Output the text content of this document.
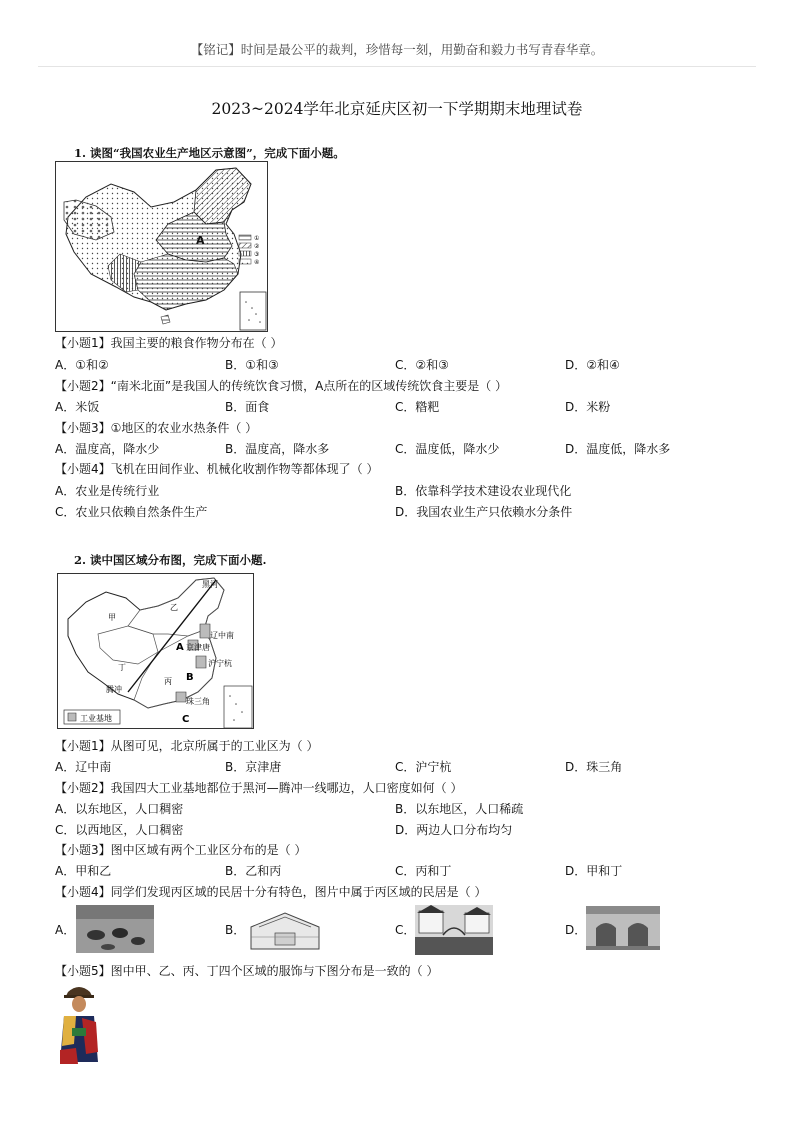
【铭记】时间是最公平的裁判，珍惜每一刻，用勤奋和毅力书写青春华章。
2023~2024学年北京延庆区初一下学期期末地理试卷
1. 读图“我国农业生产地区示意图”，完成下面小题。
A	①
②
③
④
【小题1】我国主要的粮食作物分布在（ ）
A．①和②	B．①和③	C．②和③	D．②和④
【小题2】“南米北面”是我国人的传统饮食习惯，A点所在的区域传统饮食主要是（ ）
A．米饭	B．面食	C．糌粑	D．米粉
【小题3】①地区的农业水热条件（ ）
A．温度高，降水少	B．温度高，降水多	C．温度低，降水少	D．温度低，降水多
【小题4】飞机在田间作业、机械化收割作物等都体现了（ ）
A．农业是传统行业	B．依靠科学技术建设农业现代化
C．农业只依赖自然条件生产	D．我国农业生产只依赖水分条件
2. 读中国区域分布图，完成下面小题.
黑河
辽中南
京津唐
沪宁杭
腾冲
珠三角
甲
丁
丙
乙
A
B
C
工业基地
【小题1】从图可见，北京所属于的工业区为（ ）
A．辽中南	B．京津唐	C．沪宁杭	D．珠三角
【小题2】我国四大工业基地都位于黑河—腾冲一线哪边，人口密度如何（ ）
A．以东地区，人口稠密	B．以东地区，人口稀疏
C．以西地区，人口稠密	D．两边人口分布均匀
【小题3】图中区域有两个工业区分布的是（ ）
A．甲和乙	B．乙和丙	C．丙和丁	D．甲和丁
【小题4】同学们发现丙区域的民居十分有特色，图片中属于丙区域的民居是（ ）
A．	B．	C．	D．
【小题5】图中甲、乙、丙、丁四个区域的服饰与下图分布是一致的（ ）
